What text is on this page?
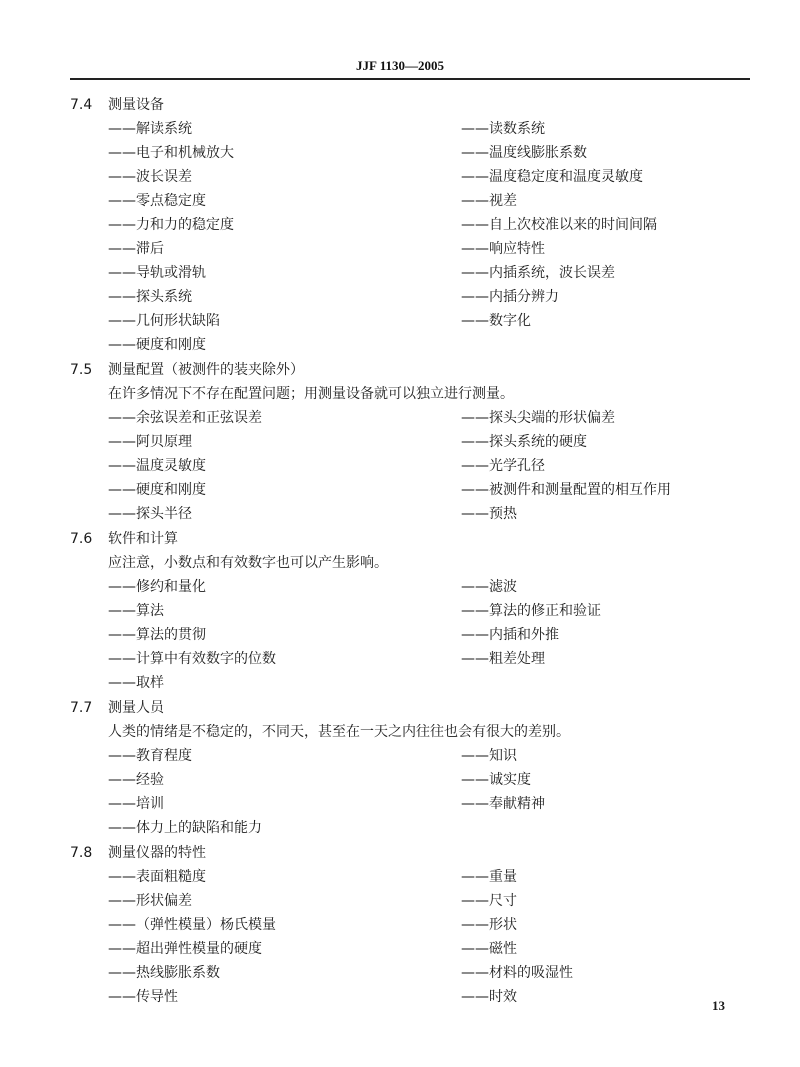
JJF 1130—2005
7.4	测量设备
——解读系统	——读数系统
——电子和机械放大	——温度线膨胀系数
——波长误差	——温度稳定度和温度灵敏度
——零点稳定度	——视差
——力和力的稳定度	——自上次校准以来的时间间隔
——滞后	——响应特性
——导轨或滑轨	——内插系统，波长误差
——探头系统	——内插分辨力
——几何形状缺陷	——数字化
——硬度和刚度
7.5	测量配置（被测件的装夹除外）
在许多情况下不存在配置问题；用测量设备就可以独立进行测量。
——余弦误差和正弦误差	——探头尖端的形状偏差
——阿贝原理	——探头系统的硬度
——温度灵敏度	——光学孔径
——硬度和刚度	——被测件和测量配置的相互作用
——探头半径	——预热
7.6	软件和计算
应注意，小数点和有效数字也可以产生影响。
——修约和量化	——滤波
——算法	——算法的修正和验证
——算法的贯彻	——内插和外推
——计算中有效数字的位数	——粗差处理
——取样
7.7	测量人员
人类的情绪是不稳定的，不同天，甚至在一天之内往往也会有很大的差别。
——教育程度	——知识
——经验	——诚实度
——培训	——奉献精神
——体力上的缺陷和能力
7.8	测量仪器的特性
——表面粗糙度	——重量
——形状偏差	——尺寸
——（弹性模量）杨氏模量	——形状
——超出弹性模量的硬度	——磁性
——热线膨胀系数	——材料的吸湿性
——传导性	——时效
13
